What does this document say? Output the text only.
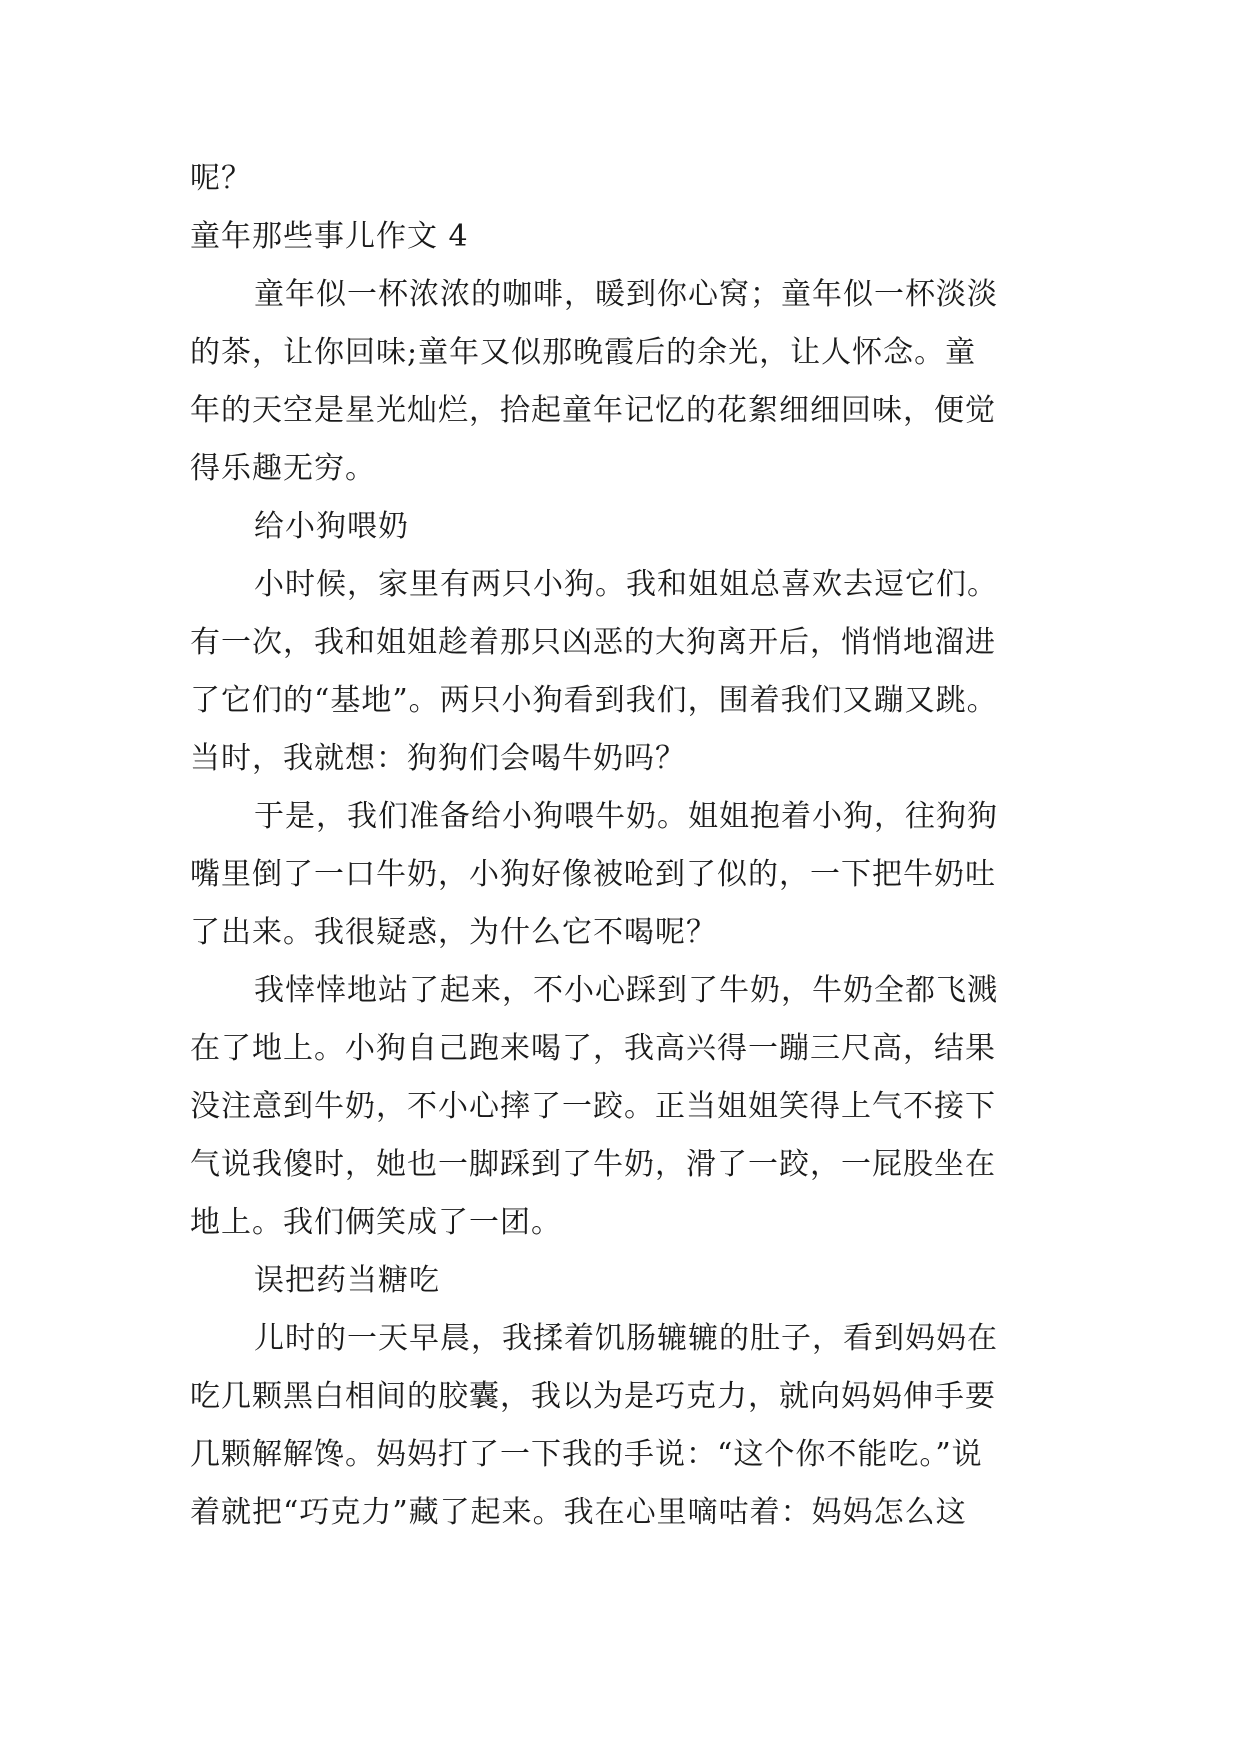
呢？
童年那些事儿作文 4
童年似一杯浓浓的咖啡，暖到你心窝；童年似一杯淡淡
的茶，让你回味;童年又似那晚霞后的余光，让人怀念。童
年的天空是星光灿烂，拾起童年记忆的花絮细细回味，便觉
得乐趣无穷。
给小狗喂奶
小时候，家里有两只小狗。我和姐姐总喜欢去逗它们。
有一次，我和姐姐趁着那只凶恶的大狗离开后，悄悄地溜进
了它们的“基地”。两只小狗看到我们，围着我们又蹦又跳。
当时，我就想：狗狗们会喝牛奶吗？
于是，我们准备给小狗喂牛奶。姐姐抱着小狗，往狗狗
嘴里倒了一口牛奶，小狗好像被呛到了似的，一下把牛奶吐
了出来。我很疑惑，为什么它不喝呢？
我悻悻地站了起来，不小心踩到了牛奶，牛奶全都飞溅
在了地上。小狗自己跑来喝了，我高兴得一蹦三尺高，结果
没注意到牛奶，不小心摔了一跤。正当姐姐笑得上气不接下
气说我傻时，她也一脚踩到了牛奶，滑了一跤，一屁股坐在
地上。我们俩笑成了一团。
误把药当糖吃
儿时的一天早晨，我揉着饥肠辘辘的肚子，看到妈妈在
吃几颗黑白相间的胶囊，我以为是巧克力，就向妈妈伸手要
几颗解解馋。妈妈打了一下我的手说：“这个你不能吃。”说
着就把“巧克力”藏了起来。我在心里嘀咕着：妈妈怎么这
